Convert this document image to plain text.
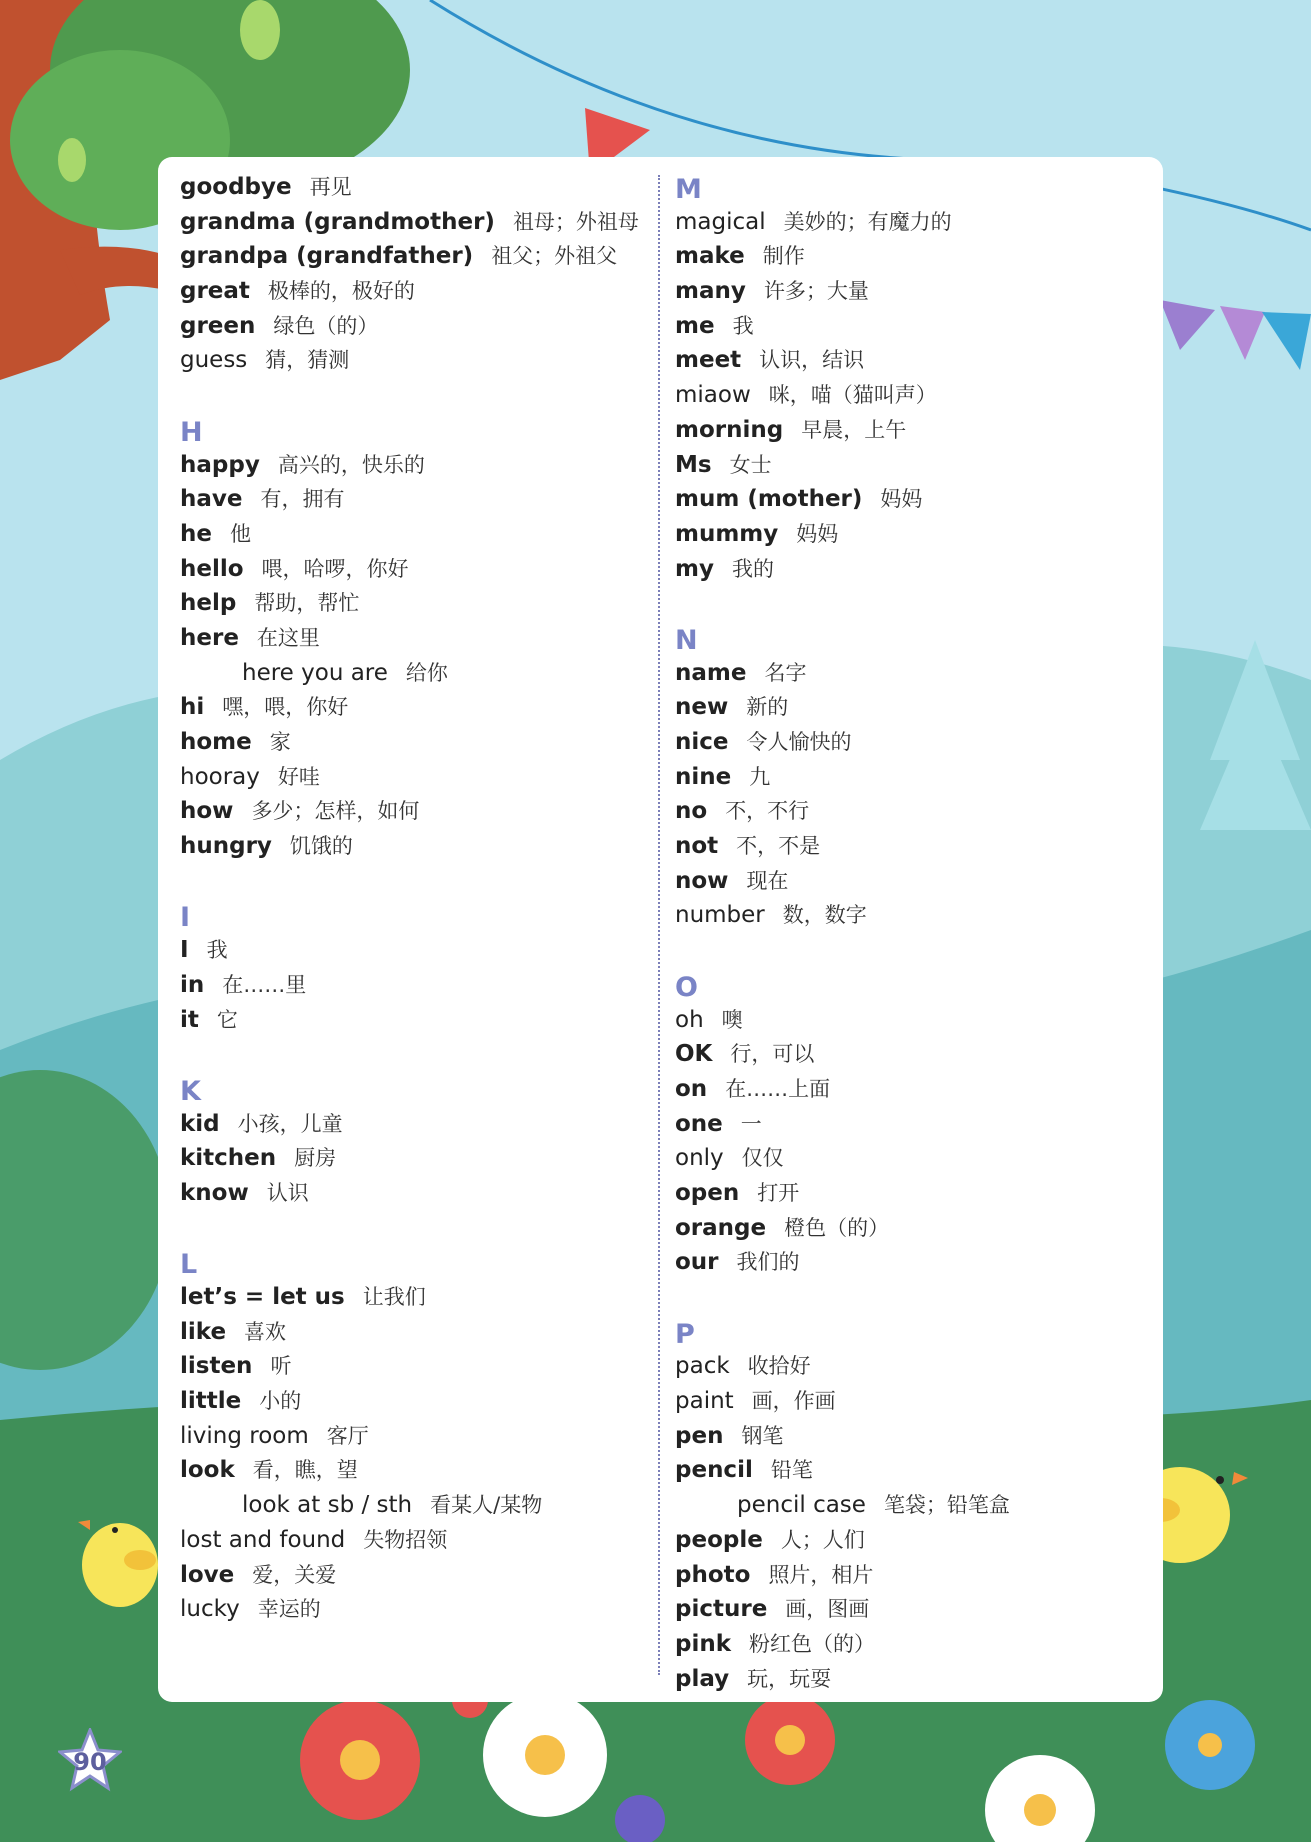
goodbye 再见
grandma (grandmother) 祖母；外祖母
grandpa (grandfather) 祖父；外祖父
great 极棒的，极好的
green 绿色（的）
guess 猜，猜测
H
happy 高兴的，快乐的
have 有，拥有
he 他
hello 喂，哈啰，你好
help 帮助，帮忙
here 在这里
here you are 给你
hi 嘿，喂，你好
home 家
hooray 好哇
how 多少；怎样，如何
hungry 饥饿的
I
I 我
in 在……里
it 它
K
kid 小孩，儿童
kitchen 厨房
know 认识
L
let’s = let us 让我们
like 喜欢
listen 听
little 小的
living room 客厅
look 看，瞧，望
look at sb / sth 看某人/某物
lost and found 失物招领
love 爱，关爱
lucky 幸运的
M
magical 美妙的；有魔力的
make 制作
many 许多；大量
me 我
meet 认识，结识
miaow 咪，喵（猫叫声）
morning 早晨，上午
Ms 女士
mum (mother) 妈妈
mummy 妈妈
my 我的
N
name 名字
new 新的
nice 令人愉快的
nine 九
no 不，不行
not 不，不是
now 现在
number 数，数字
O
oh 噢
OK 行，可以
on 在……上面
one 一
only 仅仅
open 打开
orange 橙色（的）
our 我们的
P
pack 收拾好
paint 画，作画
pen 钢笔
pencil 铅笔
pencil case 笔袋；铅笔盒
people 人；人们
photo 照片，相片
picture 画，图画
pink 粉红色（的）
play 玩，玩耍
90
